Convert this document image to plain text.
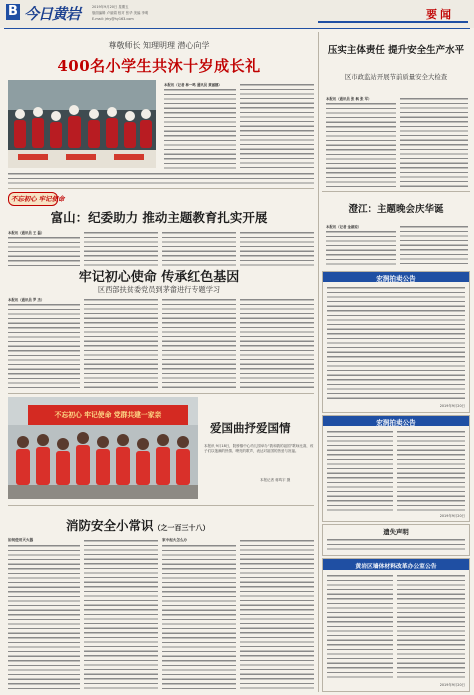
B 今日黄岩	2019年9月20日 星期五
版面编辑 卢丽娟 校对 张华 美编 李明
E-mail: jrhy@hy163.com	要闻
尊敬师长 知理明理 潜心向学
400名小学生共沐十岁成长礼
本报讯（记者 林一鸣 通讯员 黄丽娜）
不忘初心 牢记使命
富山：纪委助力 推动主题教育扎实开展
本报讯（通讯员 王 磊）
牢记初心使命 传承红色基因
区西部扶贫委党员到茅畲进行专题学习
本报讯（通讯员 罗 杰）
不忘初心 牢记使命 党群共建一家亲
爱国曲抒爱国情
本报讯 9月18日，院桥镇中心幼儿园举办“我和我的祖国”歌咏比赛，孩子们以饱满的热情、嘹亮的歌声，表达对祖国的热爱与祝福。
本报记者 蒋鸣宇 摄
消防安全小常识（之一百三十八）
如何使用灭火器	家中起火怎么办
压实主体责任 提升安全生产水平
区市政监站开展节前质量安全大检查
本报讯（通讯员 张 枫 张 军）
澄江：主题晚会庆华诞
本报讯（记者 金淑琼）
宏润拍卖公告
2019年9月20日
宏润拍卖公告
2019年9月20日
遗失声明
黄岩区墙体材料改革办公室公告
2019年9月20日
